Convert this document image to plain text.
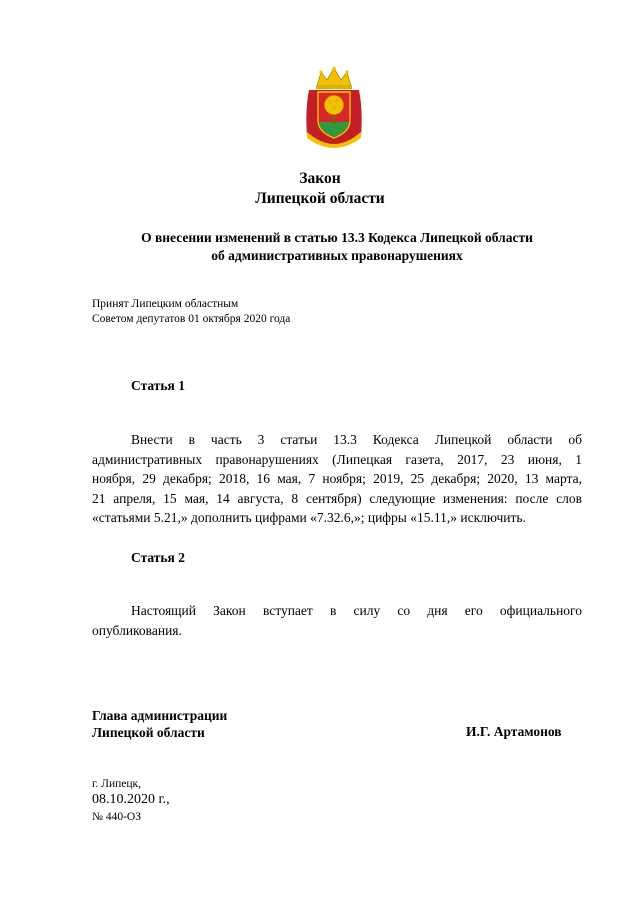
Закон
Липецкой области
О внесении изменений в статью 13.3 Кодекса Липецкой области
об административных правонарушениях
Принят Липецким областным
Советом депутатов 01 октября 2020 года
Статья 1
Внести в часть 3 статьи 13.3 Кодекса Липецкой области об
административных правонарушениях (Липецкая газета, 2017, 23 июня, 1
ноября, 29 декабря; 2018, 16 мая, 7 ноября; 2019, 25 декабря; 2020, 13 марта,
21 апреля, 15 мая, 14 августа, 8 сентября) следующие изменения: после слов
«статьями 5.21,» дополнить цифрами «7.32.6,»; цифры «15.11,» исключить.
Статья 2
Настоящий Закон вступает в силу со дня его официального
опубликования.
Глава администрации
Липецкой области	И.Г. Артамонов
г. Липецк,
08.10.2020 г.,
№ 440-ОЗ
